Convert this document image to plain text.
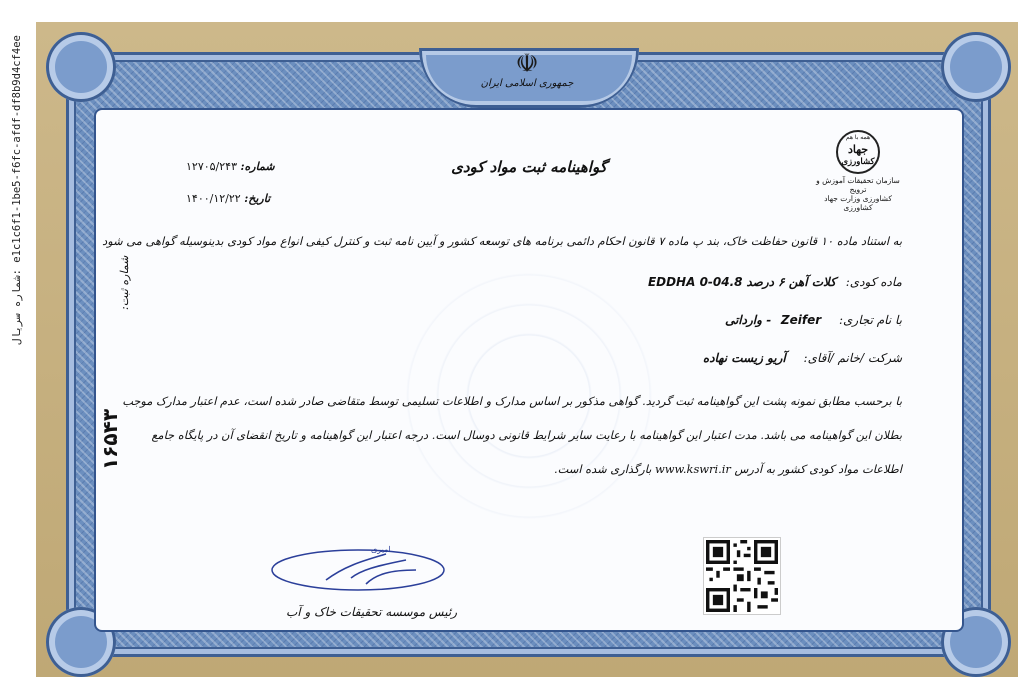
شماره سریال: e1c1c6f1-1be5-f6fc-afdf-df8b9d4cf4ee	☫
جمهوری اسلامی ایران
گواهینامه ثبت مواد کودی
همه با هم
جهاد
کشاورزی
سازمان تحقیقات آموزش و ترویج
کشاورزی وزارت جهاد کشاورزی
شماره: ۱۲۷۰۵/۲۴۳
تاریخ: ۱۴۰۰/۱۲/۲۲
به استناد ماده ۱۰ قانون حفاظت خاک، بند پ ماده ۷ قانون احکام دائمی برنامه های توسعه کشور و آیین نامه ثبت و کنترل کیفی انواع مواد کودی بدینوسیله گواهی می شود
ماده کودی: کلات آهن ۶ درصد EDDHA 0-04.8
با نام تجاری: Zeifer - وارداتی
شرکت /خانم /آقای: آریو زیست نهاده
با برحسب مطابق نمونه پشت این گواهینامه ثبت گردید. گواهی مذکور بر اساس مدارک و اطلاعات تسلیمی توسط متقاضی صادر شده است، عدم اعتبار مدارک موجب
بطلان این گواهینامه می باشد. مدت اعتبار این گواهینامه با رعایت سایر شرایط قانونی دوسال است. درجه اعتبار این گواهینامه و تاریخ انقضای آن در پایگاه جامع
اطلاعات مواد کودی کشور به آدرس www.kswri.ir بارگذاری شده است.
شماره ثبت:
۱۶۵۴۳
امیری
رئیس موسسه تحقیقات خاک و آب
